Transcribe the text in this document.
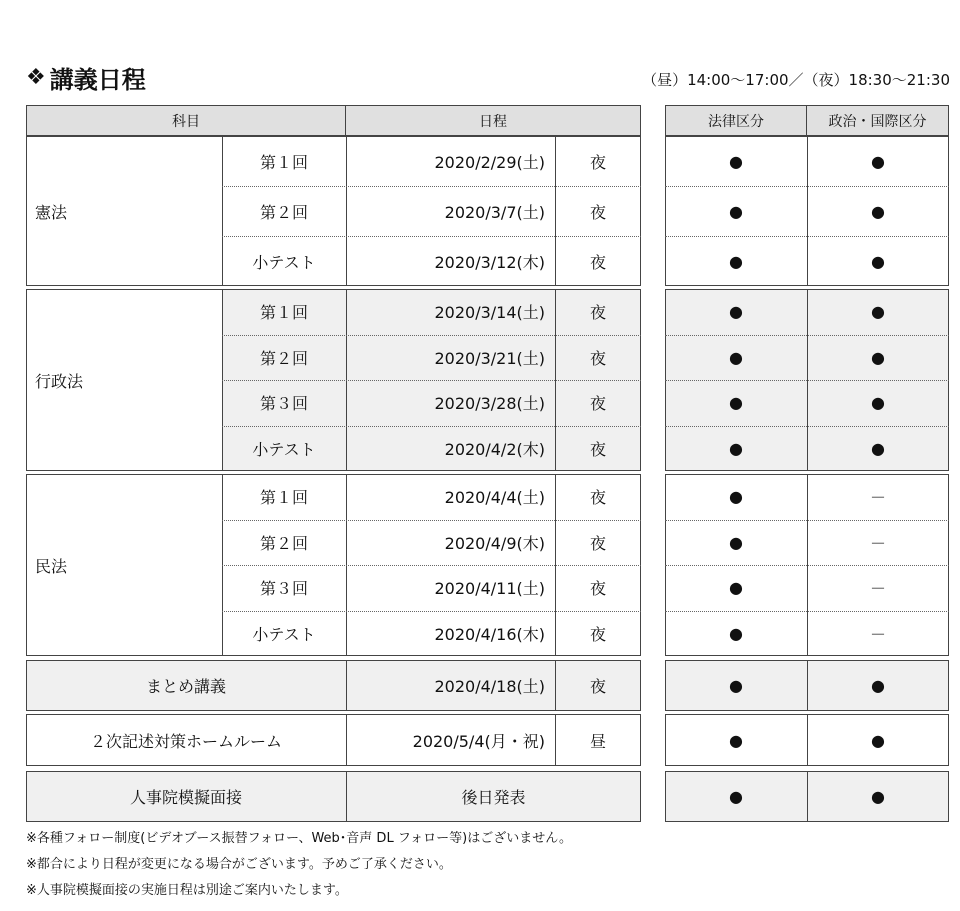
❖ 講義日程	（昼）14:00～17:00／（夜）18:30～21:30
科目	日程	法律区分	政治・国際区分
憲法
第１回	2020/2/29(土)	夜	●	●
第２回	2020/3/7(土)	夜	●	●
小テスト	2020/3/12(木)	夜	●	●
行政法
第１回	2020/3/14(土)	夜	●	●
第２回	2020/3/21(土)	夜	●	●
第３回	2020/3/28(土)	夜	●	●
小テスト	2020/4/2(木)	夜	●	●
民法
第１回	2020/4/4(土)	夜	●	－
第２回	2020/4/9(木)	夜	●	－
第３回	2020/4/11(土)	夜	●	－
小テスト	2020/4/16(木)	夜	●	－
まとめ講義	2020/4/18(土)	夜	●	●
２次記述対策ホームルーム	2020/5/4(月・祝)	昼	●	●
人事院模擬面接	後日発表	●	●
※各種フォロー制度(ビデオブース振替フォロー、Web･音声 DL フォロー等)はございません。
※都合により日程が変更になる場合がございます。予めご了承ください。
※人事院模擬面接の実施日程は別途ご案内いたします。
